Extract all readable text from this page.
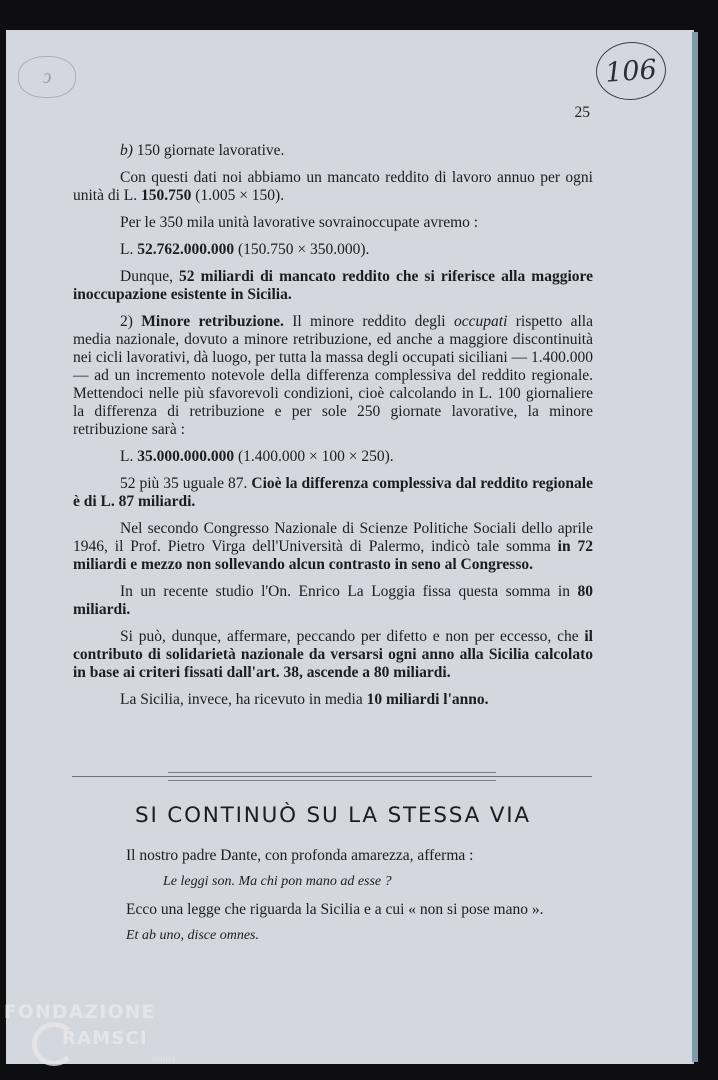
ↄ	106
25

b) 150 giornate lavorative.

Con questi dati noi abbiamo un mancato reddito di lavoro annuo per ogni unità di L. 150.750 (1.005 × 150).

Per le 350 mila unità lavorative sovrainoccupate avremo :

L. 52.762.000.000 (150.750 × 350.000).

Dunque, 52 miliardi di mancato reddito che si riferisce alla maggiore inoccupazione esistente in Sicilia.

2) Minore retribuzione. Il minore reddito degli occupati rispetto alla media nazionale, dovuto a minore retribuzione, ed anche a maggiore discontinuità nei cicli lavorativi, dà luogo, per tutta la massa degli occupati siciliani — 1.400.000 — ad un incremento notevole della differenza complessiva del reddito regionale. Mettendoci nelle più sfavorevoli condizioni, cioè calcolando in L. 100 giornaliere la differenza di retribuzione e per sole 250 giornate lavorative, la minore retribuzione sarà :

L. 35.000.000.000 (1.400.000 × 100 × 250).

52 più 35 uguale 87. Cioè la differenza complessiva dal reddito regionale è di L. 87 miliardi.

Nel secondo Congresso Nazionale di Scienze Politiche Sociali dello aprile 1946, il Prof. Pietro Virga dell'Università di Palermo, indicò tale somma in 72 miliardi e mezzo non sollevando alcun contrasto in seno al Congresso.

In un recente studio l'On. Enrico La Loggia fissa questa somma in 80 miliardi.

Si può, dunque, affermare, peccando per difetto e non per eccesso, che il contributo di solidarietà nazionale da versarsi ogni anno alla Sicilia calcolato in base ai criteri fissati dall'art. 38, ascende a 80 miliardi.

La Sicilia, invece, ha ricevuto in media 10 miliardi l'anno.

SI CONTINUÒ SU LA STESSA VIA

Il nostro padre Dante, con profonda amarezza, afferma :

Le leggi son. Ma chi pon mano ad esse ?

Ecco una legge che riguarda la Sicilia e a cui « non si pose mano ».

Et ab uno, disce omnes.

FONDAZIONE
RAMSCI
onlus
